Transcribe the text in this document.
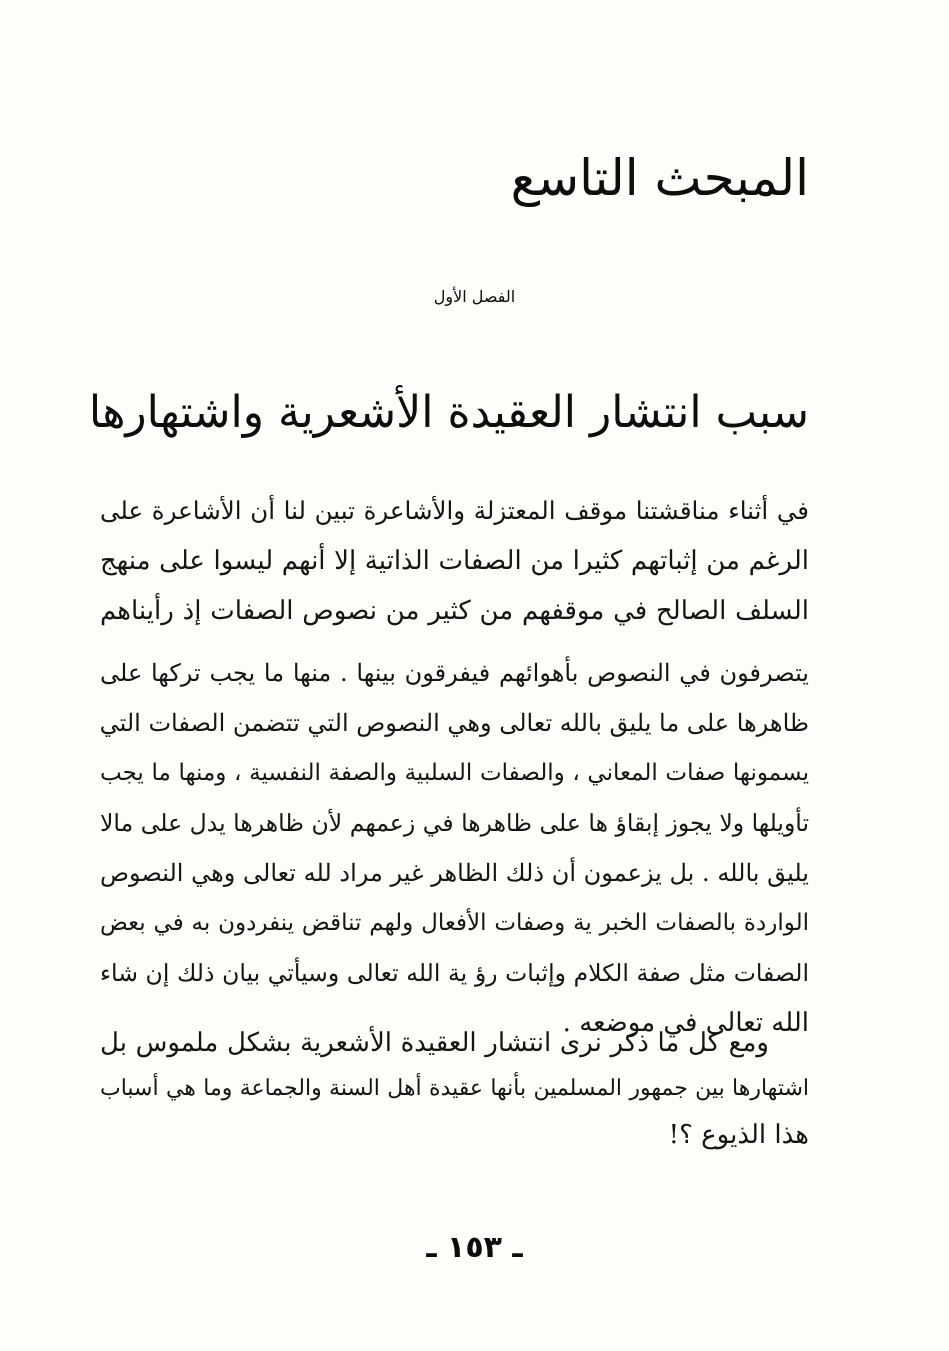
المبحث التاسع
الفصل الأول
سبب انتشار العقيدة الأشعرية واشتهارها
في أثناء مناقشتنا موقف المعتزلة والأشاعرة تبين لنا أن الأشاعرة على
الرغم من إثباتهم كثيرا من الصفات الذاتية إلا أنهم ليسوا على منهج
السلف الصالح في موقفهم من كثير من نصوص الصفات إذ رأيناهم
يتصرفون في النصوص بأهوائهم فيفرقون بينها . منها ما يجب تركها على
ظاهرها على ما يليق بالله تعالى وهي النصوص التي تتضمن الصفات التي
يسمونها صفات المعاني ، والصفات السلبية والصفة النفسية ، ومنها ما يجب
تأويلها ولا يجوز إبقاؤ ها على ظاهرها في زعمهم لأن ظاهرها يدل على مالا
يليق بالله . بل يزعمون أن ذلك الظاهر غير مراد لله تعالى وهي النصوص
الواردة بالصفات الخبر ية وصفات الأفعال ولهم تناقض ينفردون به في بعض
الصفات مثل صفة الكلام وإثبات رؤ ية الله تعالى وسيأتي بيان ذلك إن شاء
الله تعالى في موضعه .
ومع كل ما ذكر نرى انتشار العقيدة الأشعرية بشكل ملموس بل
اشتهارها بين جمهور المسلمين بأنها عقيدة أهل السنة والجماعة وما هي أسباب
هذا الذيوع ؟!
ـ ١٥٣ ـ
